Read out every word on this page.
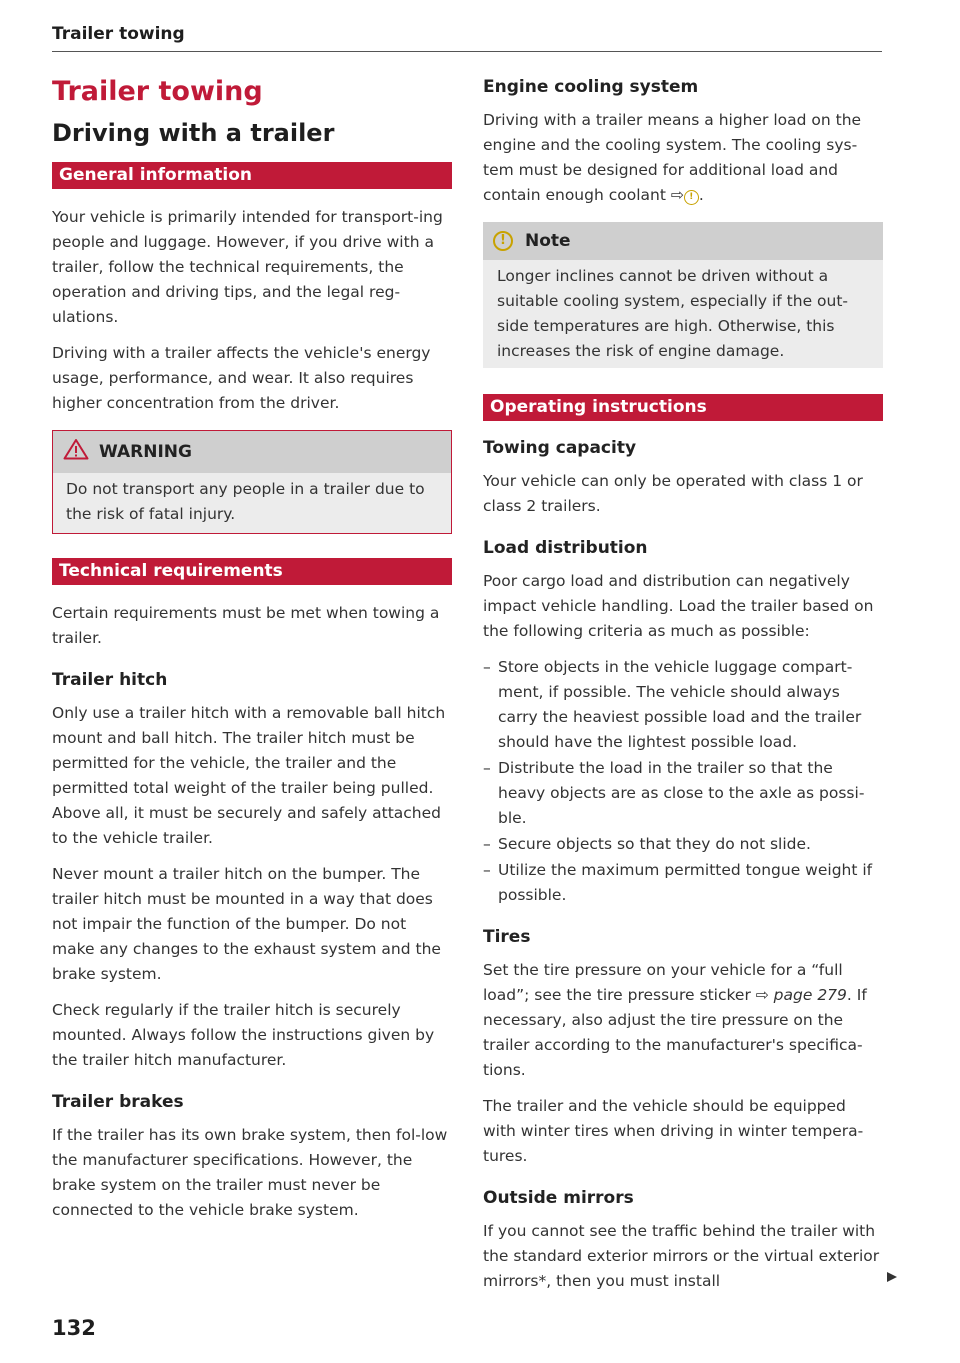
Trailer towing
Trailer towing
Driving with a trailer
General information

Your vehicle is primarily intended for transport-ing people and luggage. However, if you drive with a trailer, follow the technical requirements, the operation and driving tips, and the legal reg-ulations.

Driving with a trailer affects the vehicle's energy usage, performance, and wear. It also requires higher concentration from the driver.

WARNING

Do not transport any people in a trailer due to the risk of fatal injury.

Technical requirements

Certain requirements must be met when towing a trailer.

Trailer hitch

Only use a trailer hitch with a removable ball hitch mount and ball hitch. The trailer hitch must be permitted for the vehicle, the trailer and the permitted total weight of the trailer being pulled. Above all, it must be securely and safely attached to the vehicle trailer.

Never mount a trailer hitch on the bumper. The trailer hitch must be mounted in a way that does not impair the function of the bumper. Do not make any changes to the exhaust system and the brake system.

Check regularly if the trailer hitch is securely mounted. Always follow the instructions given by the trailer hitch manufacturer.

Trailer brakes

If the trailer has its own brake system, then fol-low the manufacturer specifications. However, the brake system on the trailer must never be connected to the vehicle brake system.

Engine cooling system

Driving with a trailer means a higher load on the engine and the cooling system. The cooling sys-tem must be designed for additional load and contain enough coolant ⇨ ! .

!	Note

Longer inclines cannot be driven without a suitable cooling system, especially if the out-side temperatures are high. Otherwise, this increases the risk of engine damage.

Operating instructions
Towing capacity

Your vehicle can only be operated with class 1 or class 2 trailers.

Load distribution

Poor cargo load and distribution can negatively impact vehicle handling. Load the trailer based on the following criteria as much as possible:

– Store objects in the vehicle luggage compart-ment, if possible. The vehicle should always carry the heaviest possible load and the trailer should have the lightest possible load.
– Distribute the load in the trailer so that the heavy objects are as close to the axle as possi-ble.
– Secure objects so that they do not slide.
– Utilize the maximum permitted tongue weight if possible.
Tires

Set the tire pressure on your vehicle for a “full load”; see the tire pressure sticker ⇨ page 279. If necessary, also adjust the tire pressure on the trailer according to the manufacturer's specifica-tions.

The trailer and the vehicle should be equipped with winter tires when driving in winter tempera-tures.

Outside mirrors

If you cannot see the traffic behind the trailer with the standard exterior mirrors or the virtual exterior mirrors*, then you must install

132
